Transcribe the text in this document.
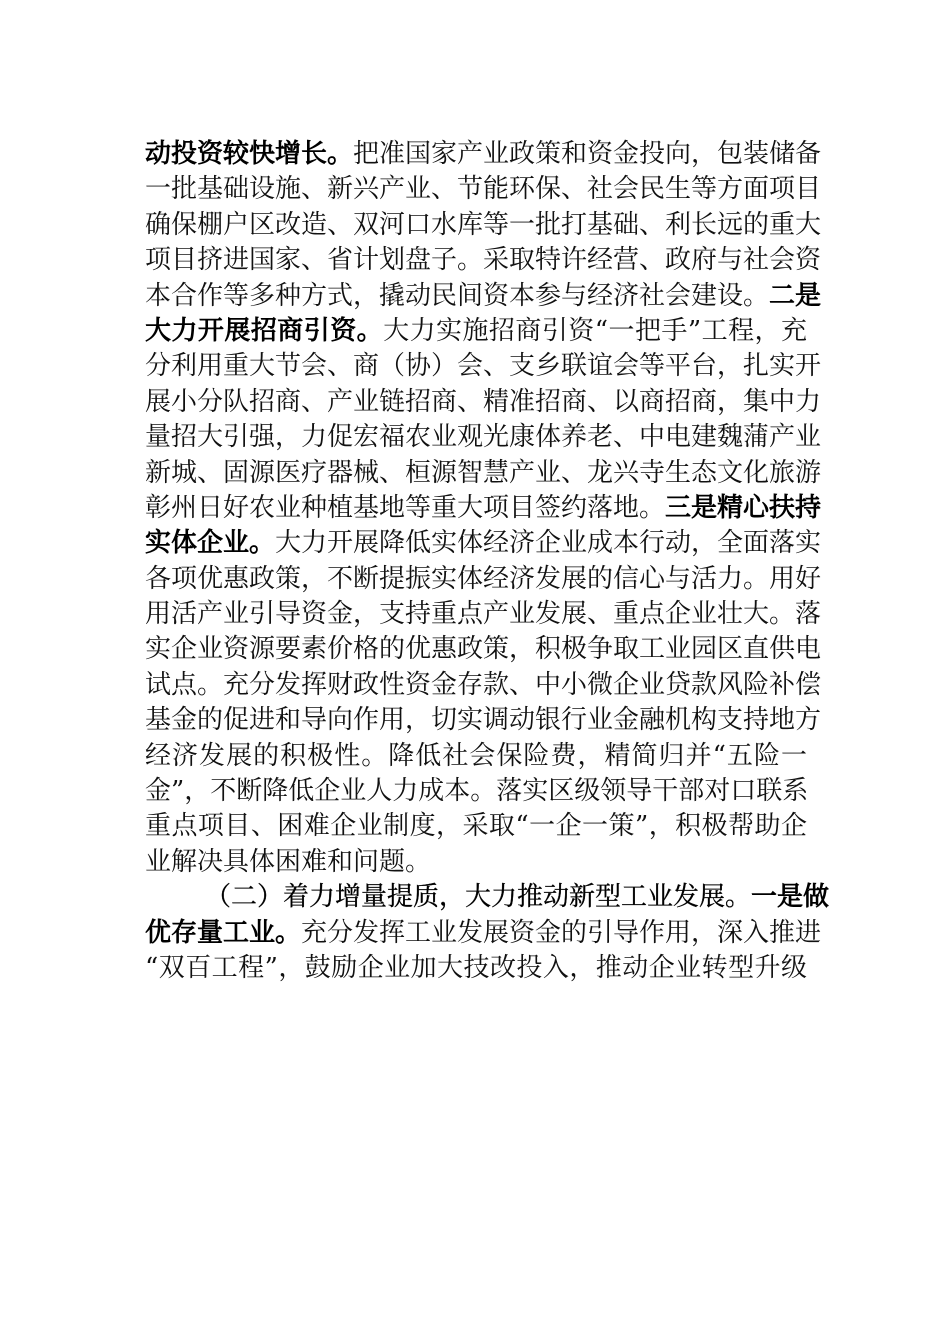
动投资较快增长。把准国家产业政策和资金投向，包装储备
一批基础设施、新兴产业、节能环保、社会民生等方面项目
确保棚户区改造、双河口水库等一批打基础、利长远的重大
项目挤进国家、省计划盘子。采取特许经营、政府与社会资
本合作等多种方式，撬动民间资本参与经济社会建设。二是
大力开展招商引资。大力实施招商引资“一把手”工程，充
分利用重大节会、商（协）会、支乡联谊会等平台，扎实开
展小分队招商、产业链招商、精准招商、以商招商，集中力
量招大引强，力促宏福农业观光康体养老、中电建魏蒲产业
新城、固源医疗器械、桓源智慧产业、龙兴寺生态文化旅游
彰州日好农业种植基地等重大项目签约落地。三是精心扶持
实体企业。大力开展降低实体经济企业成本行动，全面落实
各项优惠政策，不断提振实体经济发展的信心与活力。用好
用活产业引导资金，支持重点产业发展、重点企业壮大。落
实企业资源要素价格的优惠政策，积极争取工业园区直供电
试点。充分发挥财政性资金存款、中小微企业贷款风险补偿
基金的促进和导向作用，切实调动银行业金融机构支持地方
经济发展的积极性。降低社会保险费，精简归并“五险一
金”，不断降低企业人力成本。落实区级领导干部对口联系
重点项目、困难企业制度，采取“一企一策”，积极帮助企
业解决具体困难和问题。
（二）着力增量提质，大力推动新型工业发展。一是做
优存量工业。充分发挥工业发展资金的引导作用，深入推进
“双百工程”，鼓励企业加大技改投入，推动企业转型升级
